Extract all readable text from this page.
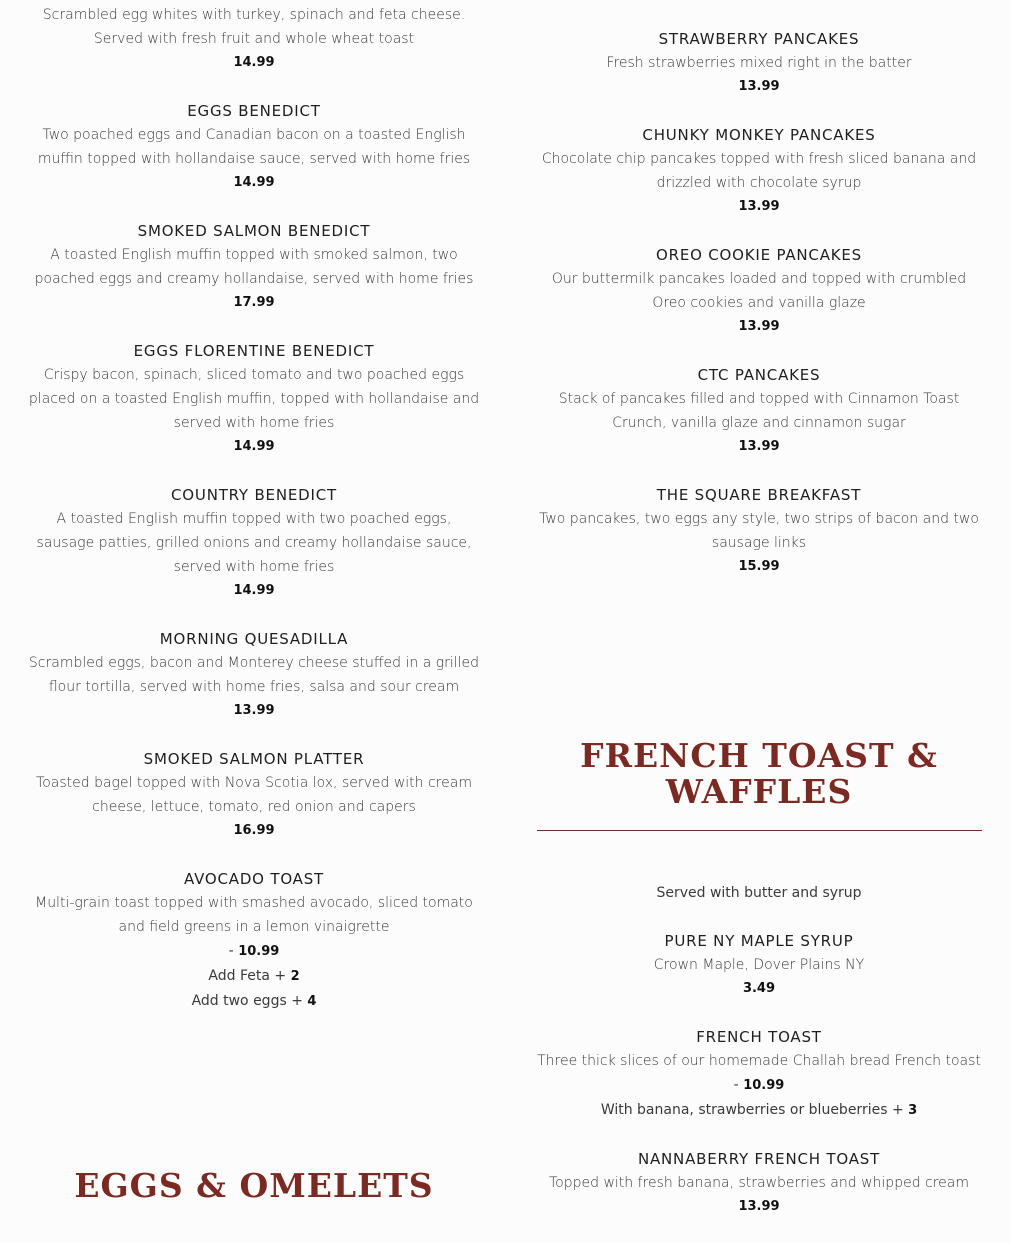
Scrambled egg whites with turkey, spinach and feta cheese. Served with fresh fruit and whole wheat toast
14.99
EGGS BENEDICT
Two poached eggs and Canadian bacon on a toasted English muffin topped with hollandaise sauce, served with home fries
14.99
SMOKED SALMON BENEDICT
A toasted English muffin topped with smoked salmon, two poached eggs and creamy hollandaise, served with home fries
17.99
EGGS FLORENTINE BENEDICT
Crispy bacon, spinach, sliced tomato and two poached eggs placed on a toasted English muffin, topped with hollandaise and served with home fries
14.99
COUNTRY BENEDICT
A toasted English muffin topped with two poached eggs, sausage patties, grilled onions and creamy hollandaise sauce, served with home fries
14.99
MORNING QUESADILLA
Scrambled eggs, bacon and Monterey cheese stuffed in a grilled flour tortilla, served with home fries, salsa and sour cream
13.99
SMOKED SALMON PLATTER
Toasted bagel topped with Nova Scotia lox, served with cream cheese, lettuce, tomato, red onion and capers
16.99
AVOCADO TOAST
Multi-grain toast topped with smashed avocado, sliced tomato and field greens in a lemon vinaigrette
- 10.99
Add Feta + 2
Add two eggs + 4
EGGS & OMELETS
STRAWBERRY PANCAKES
Fresh strawberries mixed right in the batter
13.99
CHUNKY MONKEY PANCAKES
Chocolate chip pancakes topped with fresh sliced banana and drizzled with chocolate syrup
13.99
OREO COOKIE PANCAKES
Our buttermilk pancakes loaded and topped with crumbled Oreo cookies and vanilla glaze
13.99
CTC PANCAKES
Stack of pancakes filled and topped with Cinnamon Toast Crunch, vanilla glaze and cinnamon sugar
13.99
THE SQUARE BREAKFAST
Two pancakes, two eggs any style, two strips of bacon and two sausage links
15.99
FRENCH TOAST & WAFFLES
Served with butter and syrup
PURE NY MAPLE SYRUP
Crown Maple, Dover Plains NY
3.49
FRENCH TOAST
Three thick slices of our homemade Challah bread French toast
- 10.99
With banana, strawberries or blueberries + 3
NANNABERRY FRENCH TOAST
Topped with fresh banana, strawberries and whipped cream
13.99
